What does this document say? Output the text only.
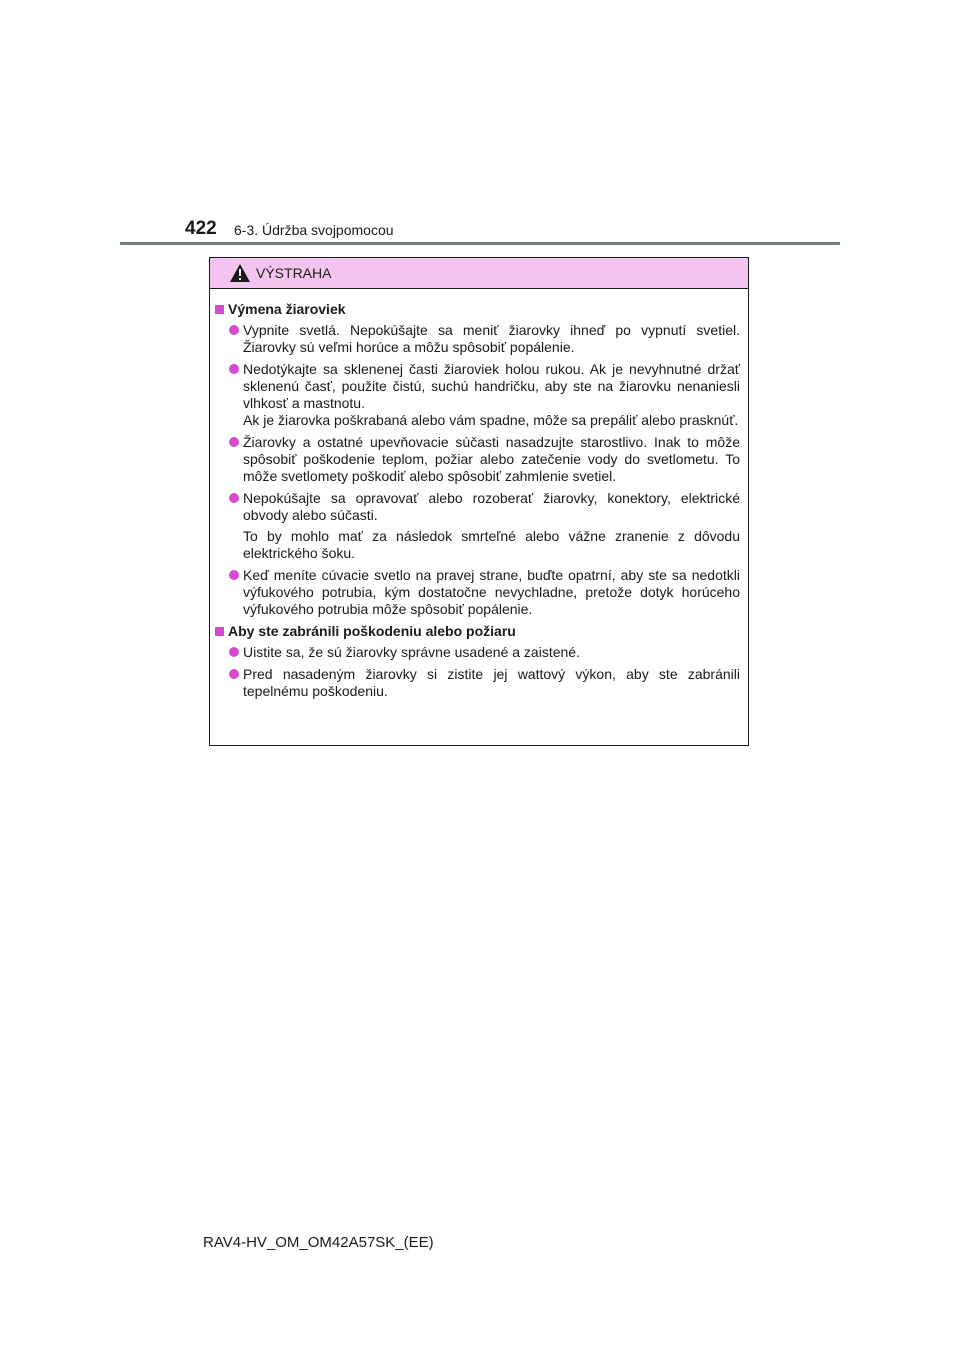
422 6-3. Údržba svojpomocou
VÝSTRAHA
Výmena žiaroviek
Vypnite svetlá. Nepokúšajte sa meniť žiarovky ihneď po vypnutí svetiel. Žiarovky sú veľmi horúce a môžu spôsobiť popálenie.
Nedotýkajte sa sklenenej časti žiaroviek holou rukou. Ak je nevyhnutné držať sklenenú časť, použite čistú, suchú handričku, aby ste na žiarovku nenaniesli vlhkosť a mastnotu.
Ak je žiarovka poškrabaná alebo vám spadne, môže sa prepáliť alebo prasknúť.
Žiarovky a ostatné upevňovacie súčasti nasadzujte starostlivo. Inak to môže spôsobiť poškodenie teplom, požiar alebo zatečenie vody do svetlometu. To môže svetlomety poškodiť alebo spôsobiť zahmlenie svetiel.
Nepokúšajte sa opravovať alebo rozoberať žiarovky, konektory, elektrické obvody alebo súčasti.
To by mohlo mať za následok smrteľné alebo vážne zranenie z dôvodu elektrického šoku.
Keď meníte cúvacie svetlo na pravej strane, buďte opatrní, aby ste sa nedotkli výfukového potrubia, kým dostatočne nevychladne, pretože dotyk horúceho výfukového potrubia môže spôsobiť popálenie.
Aby ste zabránili poškodeniu alebo požiaru
Uistite sa, že sú žiarovky správne usadené a zaistené.
Pred nasadeným žiarovky si zistite jej wattový výkon, aby ste zabránili tepelnému poškodeniu.
RAV4-HV_OM_OM42A57SK_(EE)
